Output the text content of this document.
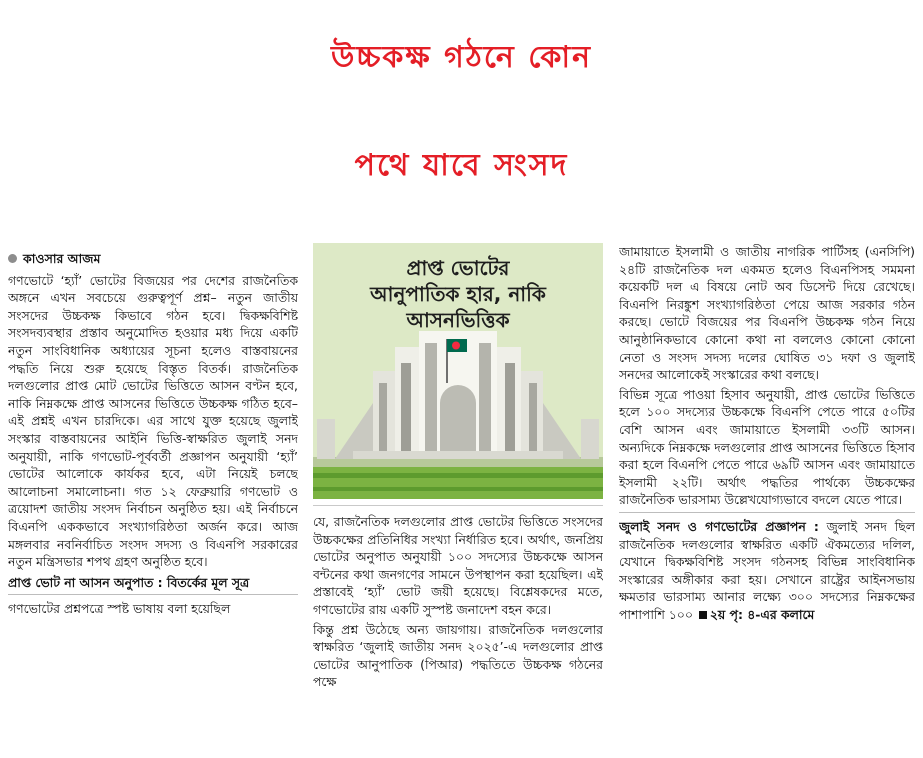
উচ্চকক্ষ গঠনে কোন
পথে যাবে সংসদ
কাওসার আজম

গণভোটে ‘হ্যাঁ’ ভোটের বিজয়ের পর দেশের রাজনৈতিক অঙ্গনে এখন সবচেয়ে গুরুত্বপূর্ণ প্রশ্ন– নতুন জাতীয় সংসদের উচ্চকক্ষ কিভাবে গঠন হবে। দ্বিকক্ষবিশিষ্ট সংসদব্যবস্থার প্রস্তাব অনুমোদিত হওয়ার মধ্য দিয়ে একটি নতুন সাংবিধানিক অধ্যায়ের সূচনা হলেও বাস্তবায়নের পদ্ধতি নিয়ে শুরু হয়েছে বিস্তৃত বিতর্ক। রাজনৈতিক দলগুলোর প্রাপ্ত মোট ভোটের ভিত্তিতে আসন বণ্টন হবে, নাকি নিম্নকক্ষে প্রাপ্ত আসনের ভিত্তিতে উচ্চকক্ষ গঠিত হবে– এই প্রশ্নই এখন চারদিকে। এর সাথে যুক্ত হয়েছে জুলাই সংস্কার বাস্তবায়নের আইনি ভিত্তি-স্বাক্ষরিত জুলাই সনদ অনুযায়ী, নাকি গণভোট-পূর্ববর্তী প্রজ্ঞাপন অনুযায়ী ‘হ্যাঁ’ ভোটের আলোকে কার্যকর হবে, এটা নিয়েই চলছে আলোচনা সমালোচনা। গত ১২ ফেব্রুয়ারি গণভোট ও ত্রয়োদশ জাতীয় সংসদ নির্বাচন অনুষ্ঠিত হয়। এই নির্বাচনে বিএনপি এককভাবে সংখ্যাগরিষ্ঠতা অর্জন করে। আজ মঙ্গলবার নবনির্বাচিত সংসদ সদস্য ও বিএনপি সরকারের নতুন মন্ত্রিসভার শপথ গ্রহণ অনুষ্ঠিত হবে।

প্রাপ্ত ভোট না আসন অনুপাত : বিতর্কের মূল সূত্র

গণভোটের প্রশ্নপত্রে স্পষ্ট ভাষায় বলা হয়েছিল

প্রাপ্ত ভোটের
আনুপাতিক হার, নাকি
আসনভিত্তিক

যে, রাজনৈতিক দলগুলোর প্রাপ্ত ভোটের ভিত্তিতে সংসদের উচ্চকক্ষের প্রতিনিধির সংখ্যা নির্ধারিত হবে। অর্থাৎ, জনপ্রিয় ভোটের অনুপাত অনুযায়ী ১০০ সদস্যের উচ্চকক্ষে আসন বন্টনের কথা জনগণের সামনে উপস্থাপন করা হয়েছিল। এই প্রস্তাবেই ‘হ্যাঁ’ ভোট জয়ী হয়েছে। বিশ্লেষকদের মতে, গণভোটের রায় একটি সুস্পষ্ট জনাদেশ বহন করে।

কিন্তু প্রশ্ন উঠেছে অন্য জায়গায়। রাজনৈতিক দলগুলোর স্বাক্ষরিত ‘জুলাই জাতীয় সনদ ২০২৫’-এ দলগুলোর প্রাপ্ত ভোটের আনুপাতিক (পিআর) পদ্ধতিতে উচ্চকক্ষ গঠনের পক্ষে

জামায়াতে ইসলামী ও জাতীয় নাগরিক পার্টিসহ (এনসিপি) ২৪টি রাজনৈতিক দল একমত হলেও বিএনপিসহ সমমনা কয়েকটি দল এ বিষয়ে নোট অব ডিসেন্ট দিয়ে রেখেছে। বিএনপি নিরঙ্কুশ সংখ্যাগরিষ্ঠতা পেয়ে আজ সরকার গঠন করছে। ভোটে বিজয়ের পর বিএনপি উচ্চকক্ষ গঠন নিয়ে আনুষ্ঠানিকভাবে কোনো কথা না বললেও কোনো কোনো নেতা ও সংসদ সদস্য দলের ঘোষিত ৩১ দফা ও জুলাই সনদের আলোকেই সংস্কারের কথা বলছে।

বিভিন্ন সূত্রে পাওয়া হিসাব অনুযায়ী, প্রাপ্ত ভোটের ভিত্তিতে হলে ১০০ সদস্যের উচ্চকক্ষে বিএনপি পেতে পারে ৫০টির বেশি আসন এবং জামায়াতে ইসলামী ৩৩টি আসন। অন্যদিকে নিম্নকক্ষে দলগুলোর প্রাপ্ত আসনের ভিত্তিতে হিসাব করা হলে বিএনপি পেতে পারে ৬৯টি আসন এবং জামায়াতে ইসলামী ২২টি। অর্থাৎ পদ্ধতির পার্থক্যে উচ্চকক্ষের রাজনৈতিক ভারসাম্য উল্লেখযোগ্যভাবে বদলে যেতে পারে।

জুলাই সনদ ও গণভোটের প্রজ্ঞাপন : জুলাই সনদ ছিল রাজনৈতিক দলগুলোর স্বাক্ষরিত একটি ঐকমত্যের দলিল, যেখানে দ্বিকক্ষবিশিষ্ট সংসদ গঠনসহ বিভিন্ন সাংবিধানিক সংস্কারের অঙ্গীকার করা হয়। সেখানে রাষ্ট্রের আইনসভায় ক্ষমতার ভারসাম্য আনার লক্ষ্যে ৩০০ সদস্যের নিম্নকক্ষের পাশাপাশি ১০০ ২য় পৃ: ৪-এর কলামে
